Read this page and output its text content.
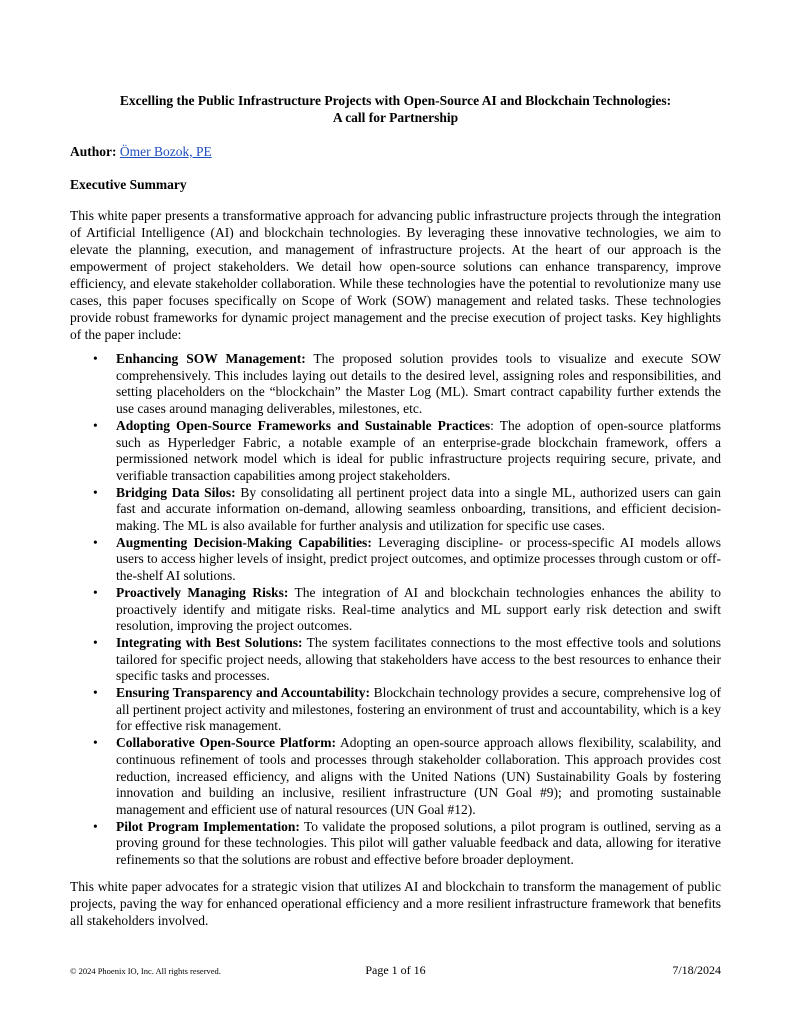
Excelling the Public Infrastructure Projects with Open-Source AI and Blockchain Technologies:
A call for Partnership
Author: Ömer Bozok, PE
Executive Summary

This white paper presents a transformative approach for advancing public infrastructure projects through the integration of Artificial Intelligence (AI) and blockchain technologies. By leveraging these innovative technologies, we aim to elevate the planning, execution, and management of infrastructure projects. At the heart of our approach is the empowerment of project stakeholders. We detail how open-source solutions can enhance transparency, improve efficiency, and elevate stakeholder collaboration. While these technologies have the potential to revolutionize many use cases, this paper focuses specifically on Scope of Work (SOW) management and related tasks. These technologies provide robust frameworks for dynamic project management and the precise execution of project tasks. Key highlights of the paper include:

•	Enhancing SOW Management: The proposed solution provides tools to visualize and execute SOW comprehensively. This includes laying out details to the desired level, assigning roles and responsibilities, and setting placeholders on the “blockchain” the Master Log (ML). Smart contract capability further extends the use cases around managing deliverables, milestones, etc.
•	Adopting Open-Source Frameworks and Sustainable Practices: The adoption of open-source platforms such as Hyperledger Fabric, a notable example of an enterprise-grade blockchain framework, offers a permissioned network model which is ideal for public infrastructure projects requiring secure, private, and verifiable transaction capabilities among project stakeholders.
•	Bridging Data Silos: By consolidating all pertinent project data into a single ML, authorized users can gain fast and accurate information on-demand, allowing seamless onboarding, transitions, and efficient decision-making. The ML is also available for further analysis and utilization for specific use cases.
•	Augmenting Decision-Making Capabilities: Leveraging discipline- or process-specific AI models allows users to access higher levels of insight, predict project outcomes, and optimize processes through custom or off-the-shelf AI solutions.
•	Proactively Managing Risks: The integration of AI and blockchain technologies enhances the ability to proactively identify and mitigate risks. Real-time analytics and ML support early risk detection and swift resolution, improving the project outcomes.
•	Integrating with Best Solutions: The system facilitates connections to the most effective tools and solutions tailored for specific project needs, allowing that stakeholders have access to the best resources to enhance their specific tasks and processes.
•	Ensuring Transparency and Accountability: Blockchain technology provides a secure, comprehensive log of all pertinent project activity and milestones, fostering an environment of trust and accountability, which is a key for effective risk management.
•	Collaborative Open-Source Platform: Adopting an open-source approach allows flexibility, scalability, and continuous refinement of tools and processes through stakeholder collaboration. This approach provides cost reduction, increased efficiency, and aligns with the United Nations (UN) Sustainability Goals by fostering innovation and building an inclusive, resilient infrastructure (UN Goal #9); and promoting sustainable management and efficient use of natural resources (UN Goal #12).
•	Pilot Program Implementation: To validate the proposed solutions, a pilot program is outlined, serving as a proving ground for these technologies. This pilot will gather valuable feedback and data, allowing for iterative refinements so that the solutions are robust and effective before broader deployment.

This white paper advocates for a strategic vision that utilizes AI and blockchain to transform the management of public projects, paving the way for enhanced operational efficiency and a more resilient infrastructure framework that benefits all stakeholders involved.

© 2024 Phoenix IO, Inc. All rights reserved.	Page 1 of 16	7/18/2024
